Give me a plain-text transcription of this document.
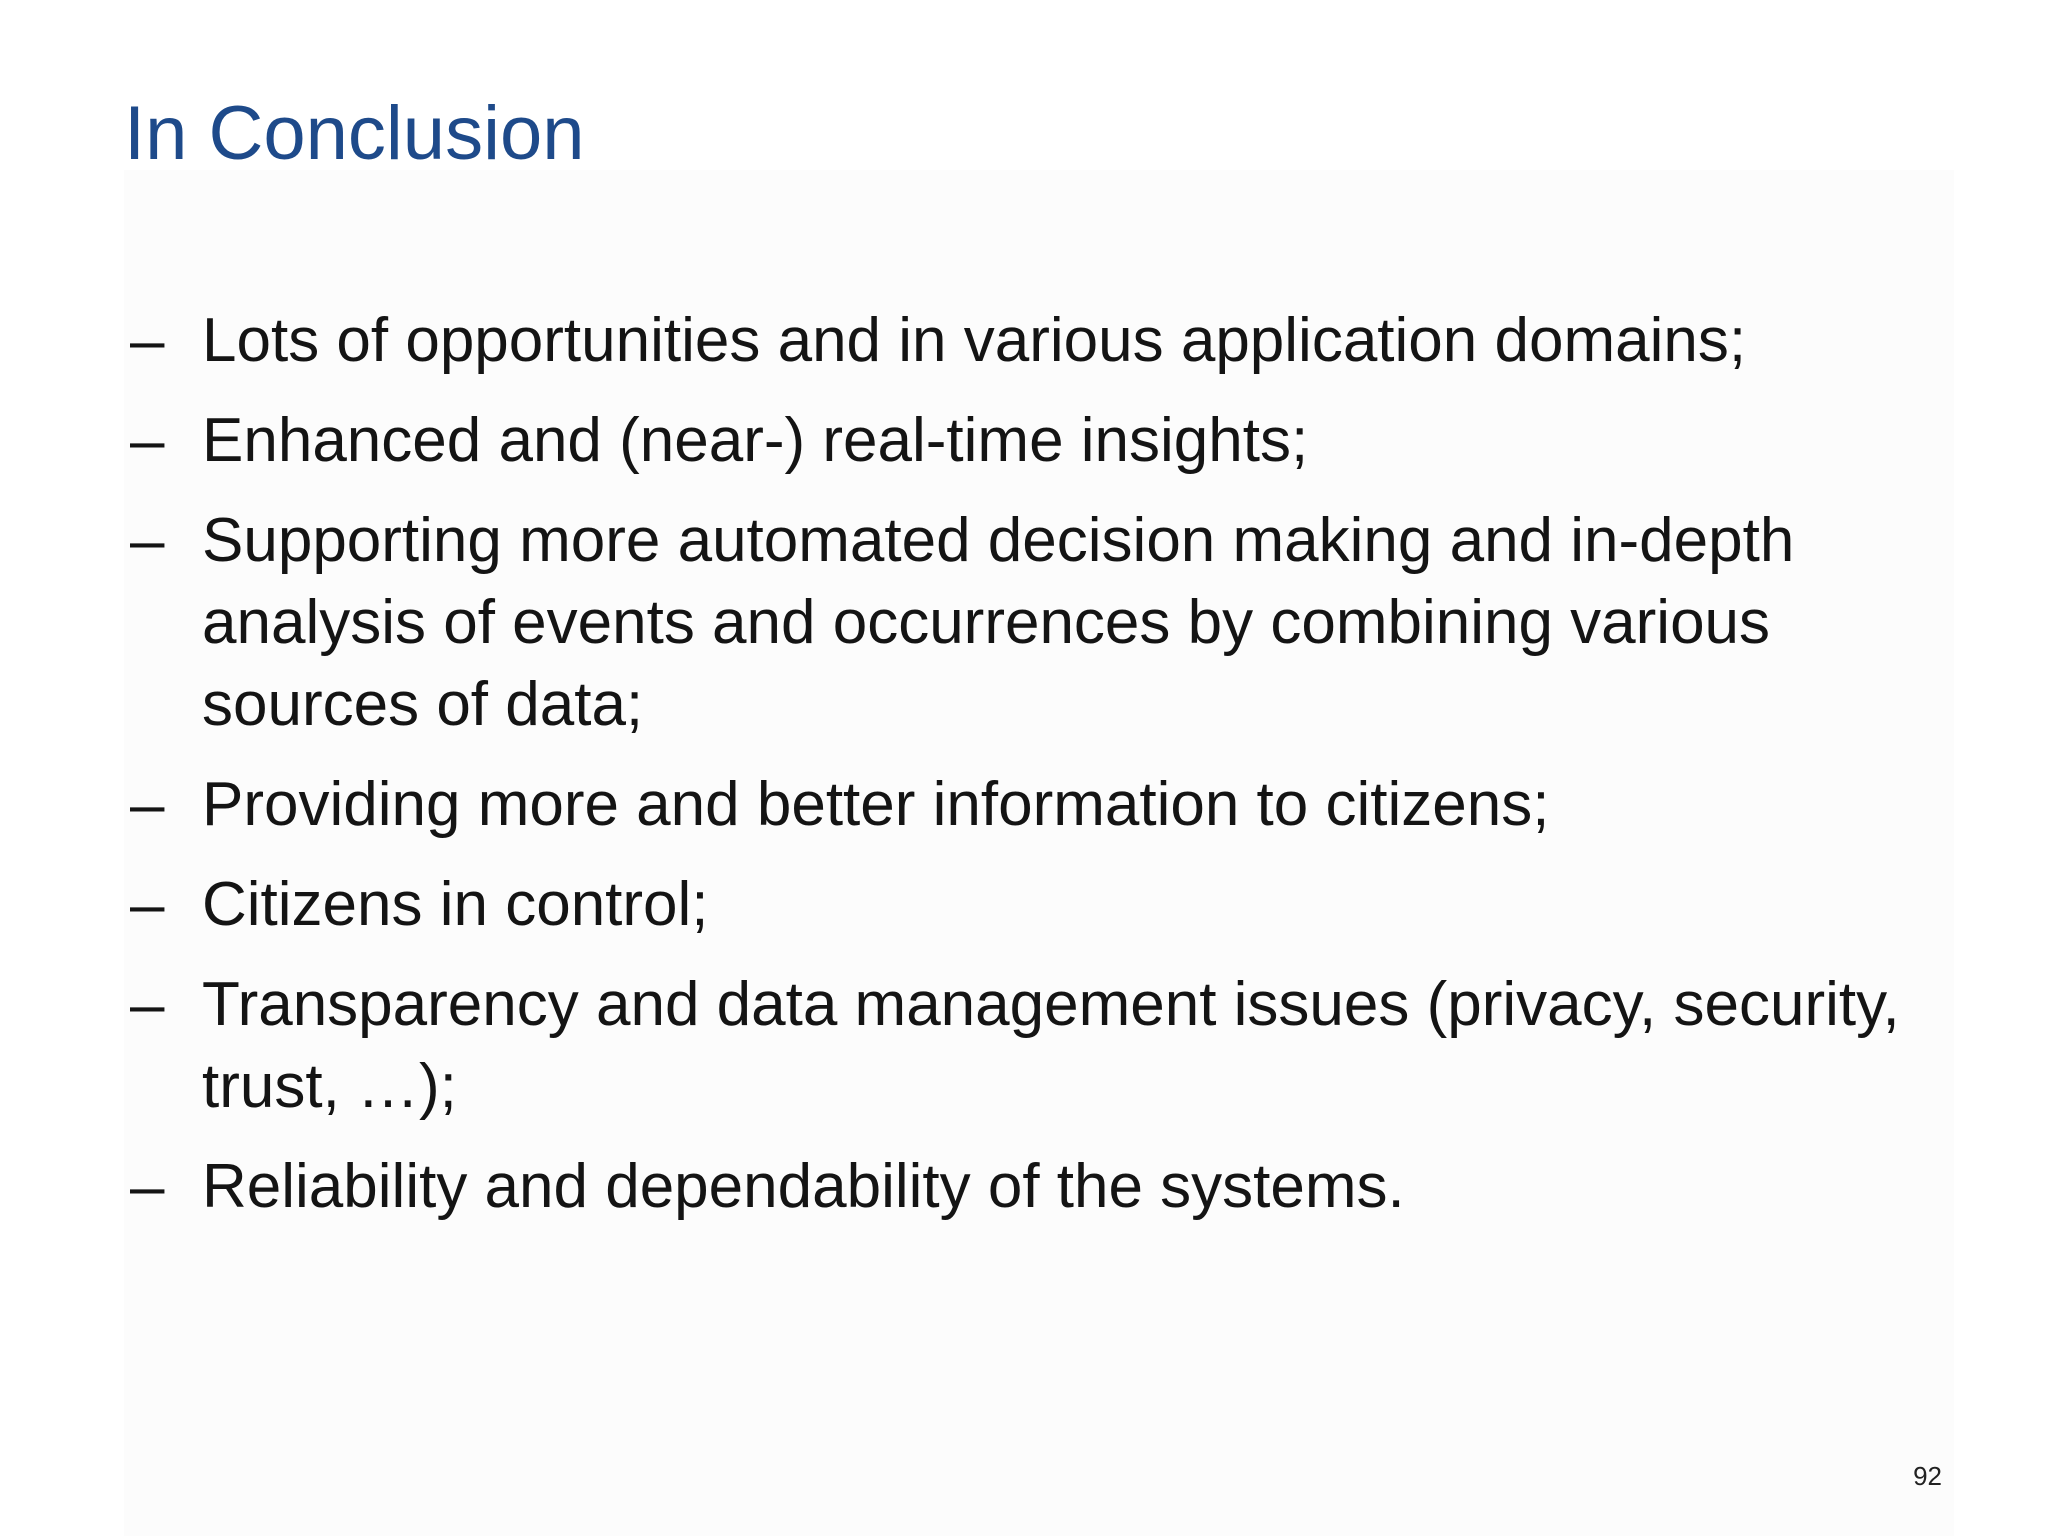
In Conclusion
– Lots of opportunities and in various application domains;
– Enhanced and (near-) real-time insights;
– Supporting more automated decision making and in-depth analysis of events and occurrences by combining various sources of data;
– Providing more and better information to citizens;
– Citizens in control;
– Transparency and data management issues (privacy, security, trust, …);
– Reliability and dependability of the systems.
92
